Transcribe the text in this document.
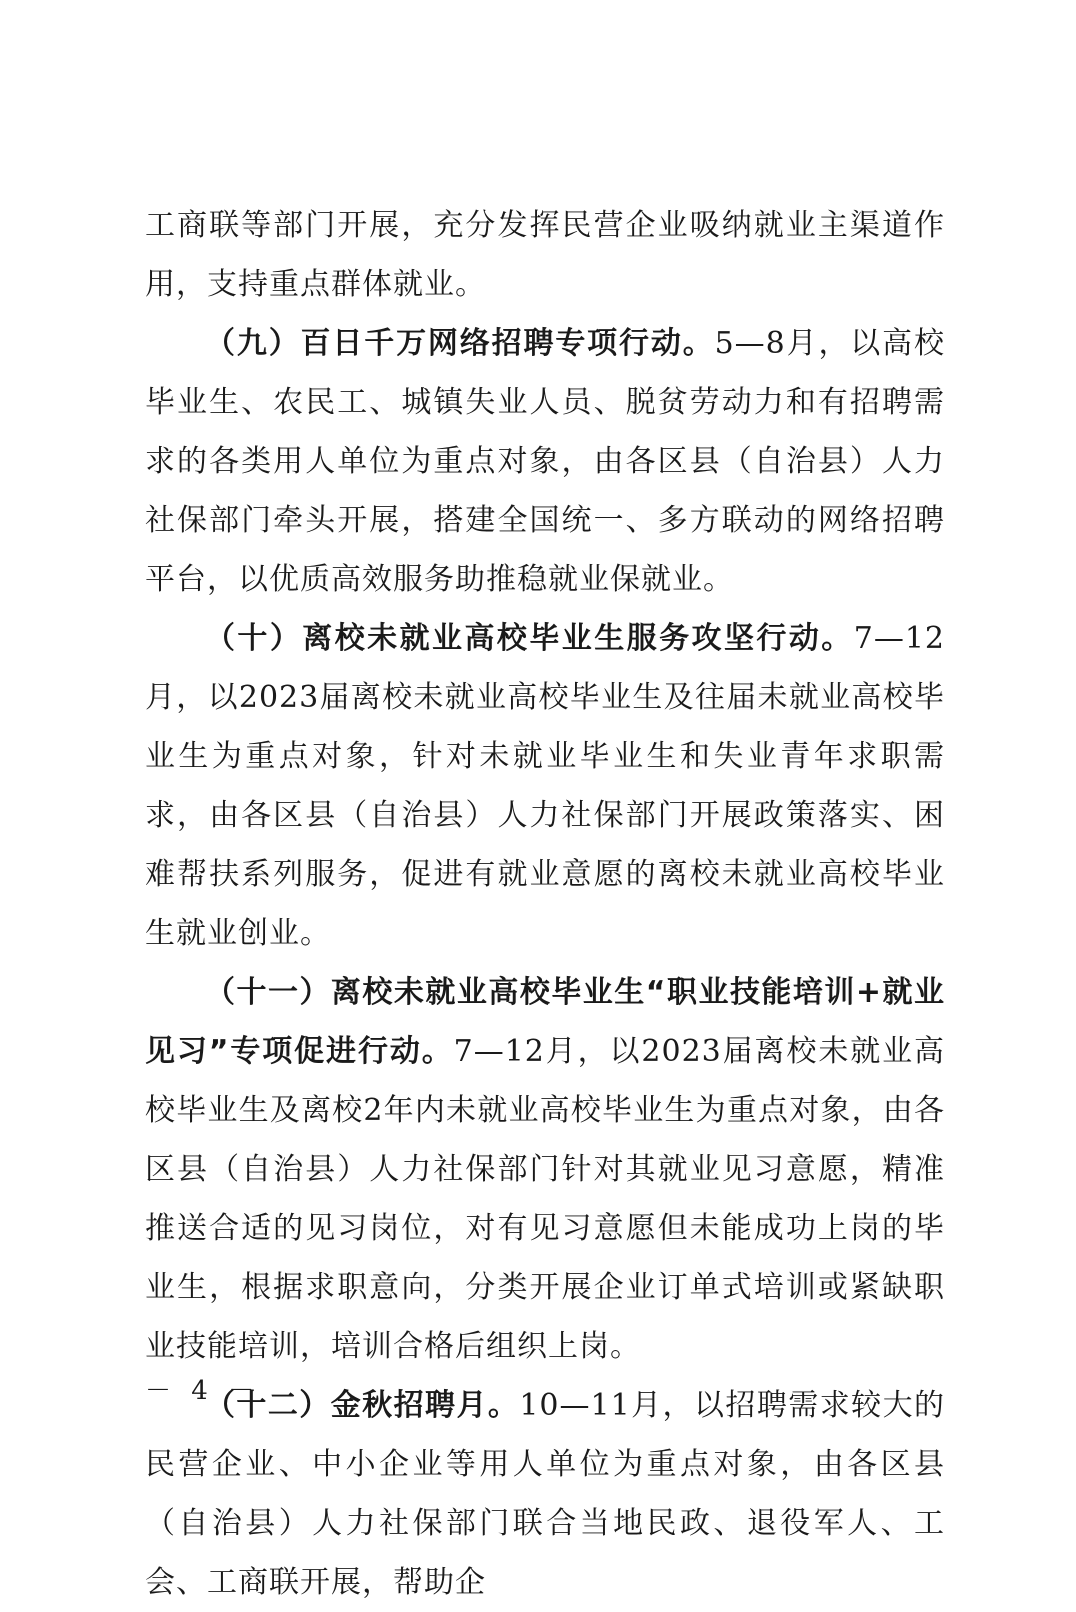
工商联等部门开展，充分发挥民营企业吸纳就业主渠道作用，支持重点群体就业。

（九）百日千万网络招聘专项行动。5—8月，以高校毕业生、农民工、城镇失业人员、脱贫劳动力和有招聘需求的各类用人单位为重点对象，由各区县（自治县）人力社保部门牵头开展，搭建全国统一、多方联动的网络招聘平台，以优质高效服务助推稳就业保就业。

（十）离校未就业高校毕业生服务攻坚行动。7—12月，以2023届离校未就业高校毕业生及往届未就业高校毕业生为重点对象，针对未就业毕业生和失业青年求职需求，由各区县（自治县）人力社保部门开展政策落实、困难帮扶系列服务，促进有就业意愿的离校未就业高校毕业生就业创业。

（十一）离校未就业高校毕业生“职业技能培训+就业见习”专项促进行动。7—12月，以2023届离校未就业高校毕业生及离校2年内未就业高校毕业生为重点对象，由各区县（自治县）人力社保部门针对其就业见习意愿，精准推送合适的见习岗位，对有见习意愿但未能成功上岗的毕业生，根据求职意向，分类开展企业订单式培训或紧缺职业技能培训，培训合格后组织上岗。

（十二）金秋招聘月。10—11月，以招聘需求较大的民营企业、中小企业等用人单位为重点对象，由各区县（自治县）人力社保部门联合当地民政、退役军人、工会、工商联开展，帮助企

－ 4 －
